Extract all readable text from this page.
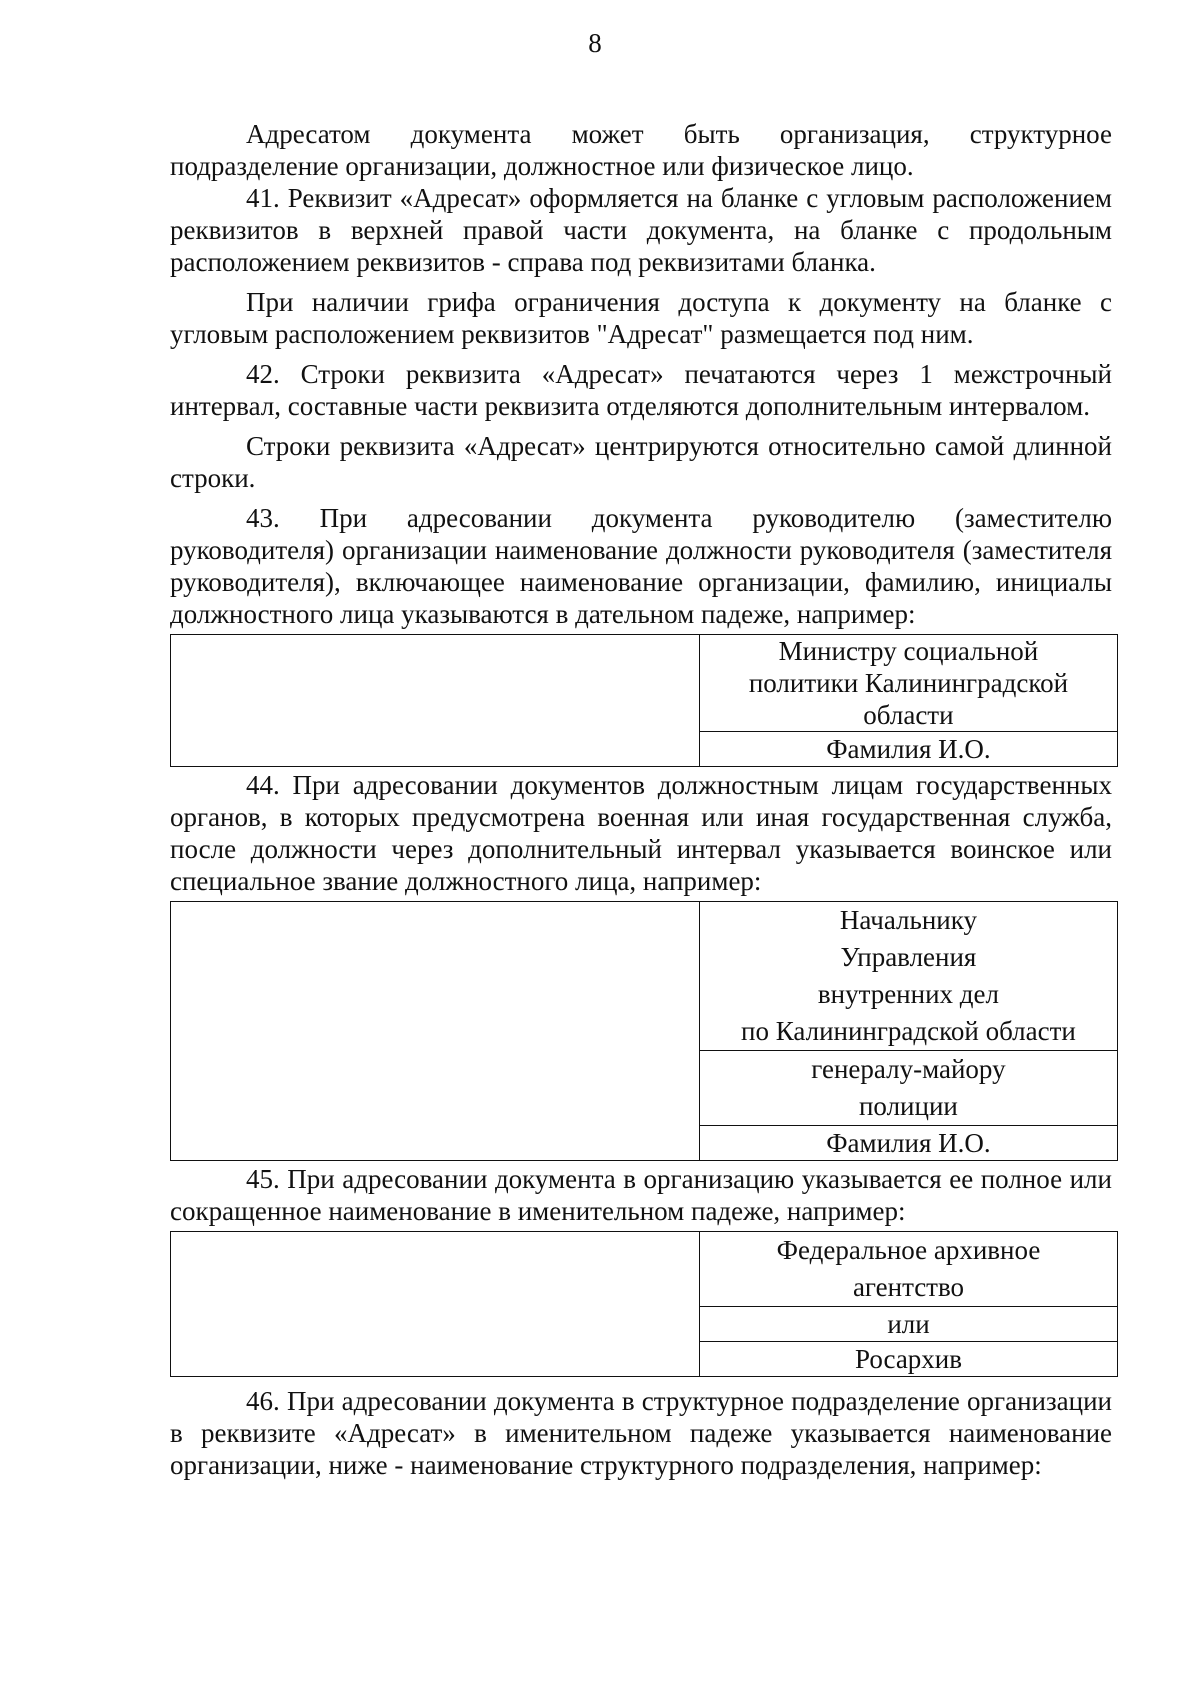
8

Адресатом документа может быть организация, структурное подразделение организации, должностное или физическое лицо.

41. Реквизит «Адресат» оформляется на бланке с угловым расположением реквизитов в верхней правой части документа, на бланке с продольным расположением реквизитов - справа под реквизитами бланка.

При наличии грифа ограничения доступа к документу на бланке с угловым расположением реквизитов "Адресат" размещается под ним.

42. Строки реквизита «Адресат» печатаются через 1 межстрочный интервал, составные части реквизита отделяются дополнительным интервалом.

Строки реквизита «Адресат» центрируются относительно самой длинной строки.

43. При адресовании документа руководителю (заместителю руководителя) организации наименование должности руководителя (заместителя руководителя), включающее наименование организации, фамилию, инициалы должностного лица указываются в дательном падеже, например:

Министру социальной
политики Калининградской
области

Фамилия И.О.

44. При адресовании документов должностным лицам государственных органов, в которых предусмотрена военная или иная государственная служба, после должности через дополнительный интервал указывается воинское или специальное звание должностного лица, например:

Начальнику
Управления
внутренних дел
по Калининградской области

генералу-майору
полиции

Фамилия И.О.

45. При адресовании документа в организацию указывается ее полное или сокращенное наименование в именительном падеже, например:

Федеральное архивное
агентство

или
Росархив

46. При адресовании документа в структурное подразделение организации в реквизите «Адресат» в именительном падеже указывается наименование организации, ниже - наименование структурного подразделения, например:
